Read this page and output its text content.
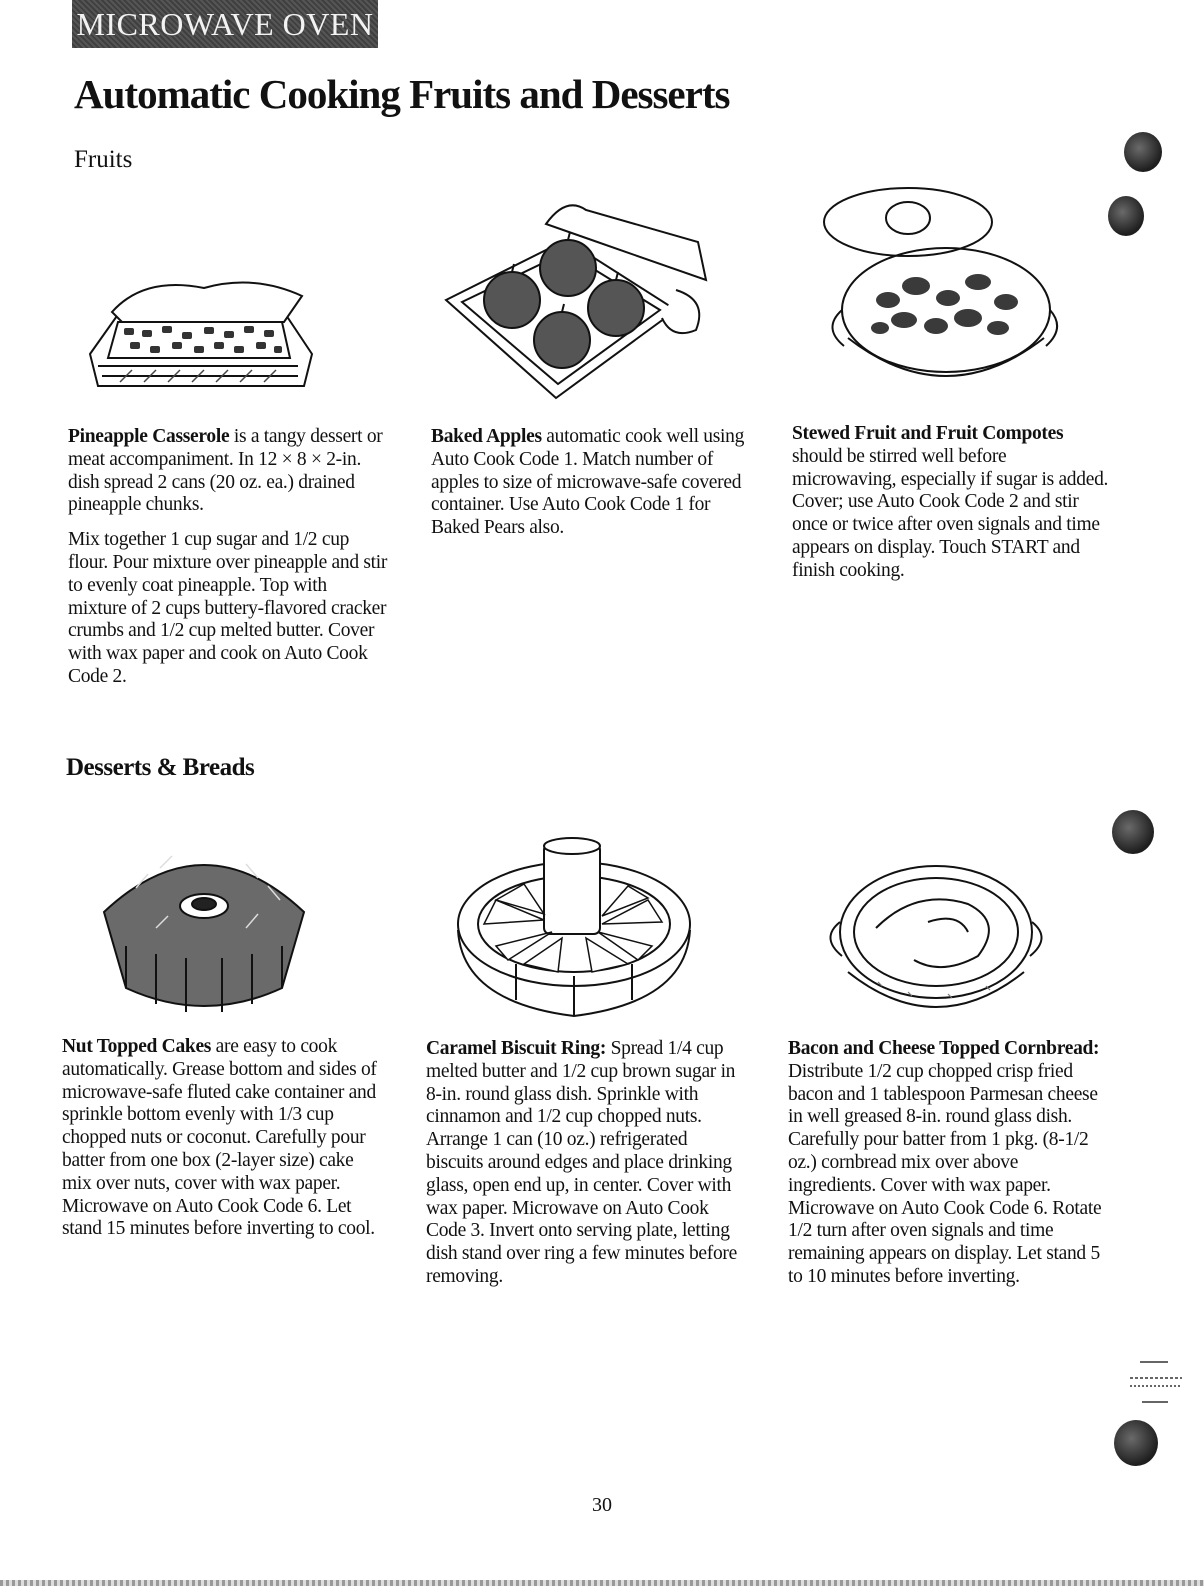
MICROWAVE OVEN
Automatic Cooking Fruits and Desserts
Fruits

Pineapple Casserole is a tangy dessert or meat accompaniment. In 12 × 8 × 2-in. dish spread 2 cans (20 oz. ea.) drained pineapple chunks.

Mix together 1 cup sugar and 1/2 cup flour. Pour mixture over pineapple and stir to evenly coat pineapple. Top with mixture of 2 cups buttery-flavored cracker crumbs and 1/2 cup melted butter. Cover with wax paper and cook on Auto Cook Code 2.

Baked Apples automatic cook well using Auto Cook Code 1. Match number of apples to size of microwave-safe covered container. Use Auto Cook Code 1 for Baked Pears also.

Stewed Fruit and Fruit Compotes should be stirred well before microwaving, especially if sugar is added. Cover; use Auto Cook Code 2 and stir once or twice after oven signals and time appears on display. Touch START and finish cooking.

Desserts & Breads

Nut Topped Cakes are easy to cook automatically. Grease bottom and sides of microwave-safe fluted cake container and sprinkle bottom evenly with 1/3 cup chopped nuts or coconut. Carefully pour batter from one box (2-layer size) cake mix over nuts, cover with wax paper. Microwave on Auto Cook Code 6. Let stand 15 minutes before inverting to cool.

Caramel Biscuit Ring: Spread 1/4 cup melted butter and 1/2 cup brown sugar in 8-in. round glass dish. Sprinkle with cinnamon and 1/2 cup chopped nuts. Arrange 1 can (10 oz.) refrigerated biscuits around edges and place drinking glass, open end up, in center. Cover with wax paper. Microwave on Auto Cook Code 3. Invert onto serving plate, letting dish stand over ring a few minutes before removing.

Bacon and Cheese Topped Cornbread: Distribute 1/2 cup chopped crisp fried bacon and 1 tablespoon Parmesan cheese in well greased 8-in. round glass dish. Carefully pour batter from 1 pkg. (8-1/2 oz.) cornbread mix over above ingredients. Cover with wax paper. Microwave on Auto Cook Code 6. Rotate 1/2 turn after oven signals and time remaining appears on display. Let stand 5 to 10 minutes before inverting.

30
